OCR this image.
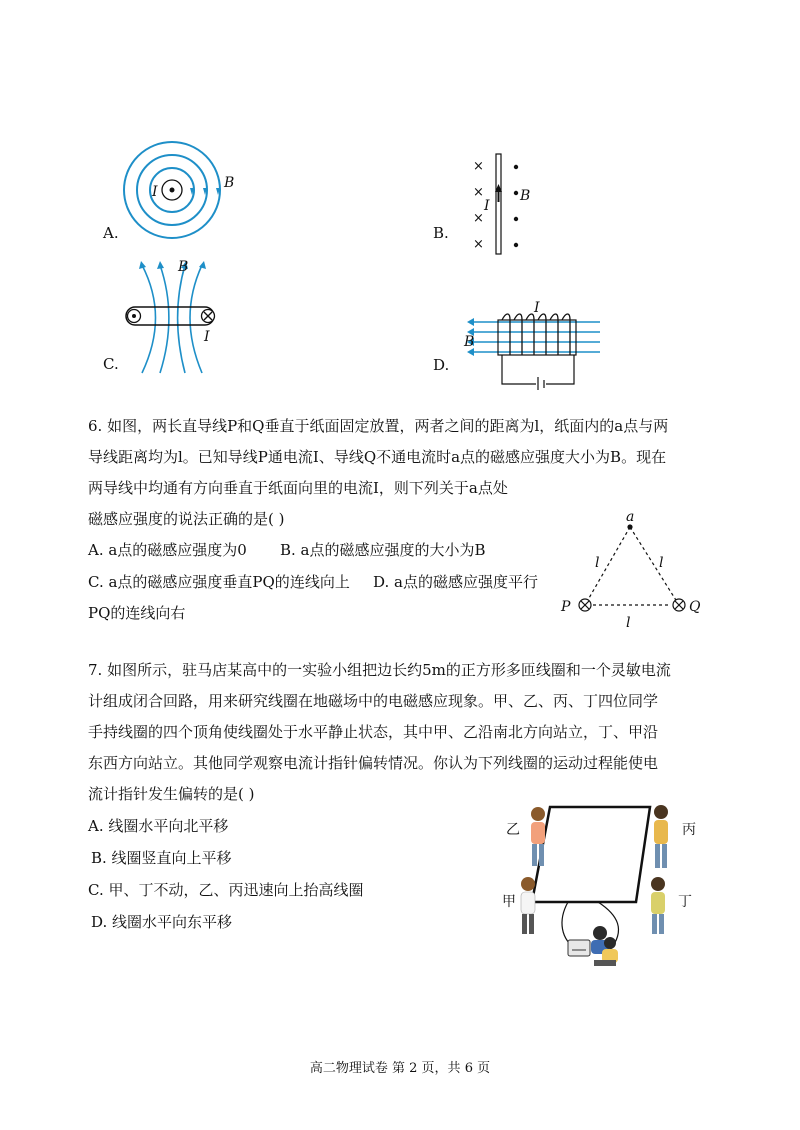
A.
I
B
B.
×
×
×
×
I
B
C.
B
I
D.
I
B
6. 如图，两长直导线P和Q垂直于纸面固定放置，两者之间的距离为l，纸面内的a点与两
导线距离均为l。已知导线P通电流I、导线Q不通电流时a点的磁感应强度大小为B。现在
两导线中均通有方向垂直于纸面向里的电流I，则下列关于a点处
磁感应强度的说法正确的是( )
A. a点的磁感应强度为0 B. a点的磁感应强度的大小为B
C. a点的磁感应强度垂直PQ的连线向上 D. a点的磁感应强度平行
PQ的连线向右
a
P	Q
l	l
l
7. 如图所示，驻马店某高中的一实验小组把边长约5m的正方形多匝线圈和一个灵敏电流
计组成闭合回路，用来研究线圈在地磁场中的电磁感应现象。甲、乙、丙、丁四位同学
手持线圈的四个顶角使线圈处于水平静止状态，其中甲、乙沿南北方向站立，丁、甲沿
东西方向站立。其他同学观察电流计指针偏转情况。你认为下列线圈的运动过程能使电
流计指针发生偏转的是( )
A. 线圈水平向北平移
B. 线圈竖直向上平移
C. 甲、丁不动，乙、丙迅速向上抬高线圈
D. 线圈水平向东平移
乙	丙
甲	丁
高二物理试卷 第 2 页，共 6 页
